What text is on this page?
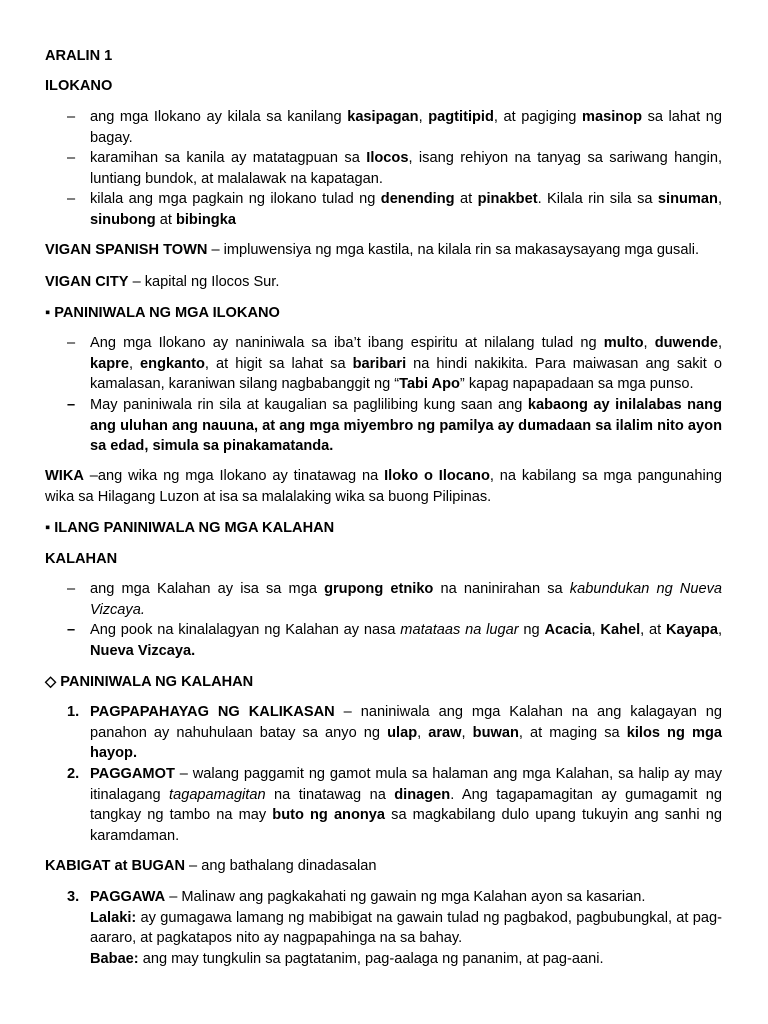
ARALIN 1

ILOKANO

–	ang mga Ilokano ay kilala sa kanilang kasipagan, pagtitipid, at pagiging masinop sa lahat ng bagay.
–	karamihan sa kanila ay matatagpuan sa Ilocos, isang rehiyon na tanyag sa sariwang hangin, luntiang bundok, at malalawak na kapatagan.
–	kilala ang mga pagkain ng ilokano tulad ng denending at pinakbet. Kilala rin sila sa sinuman, sinubong at bibingka

VIGAN SPANISH TOWN – impluwensiya ng mga kastila, na kilala rin sa makasaysayang mga gusali.

VIGAN CITY – kapital ng Ilocos Sur.

▪ PANINIWALA NG MGA ILOKANO

–	Ang mga Ilokano ay naniniwala sa iba’t ibang espiritu at nilalang tulad ng multo, duwende, kapre, engkanto, at higit sa lahat sa baribari na hindi nakikita. Para maiwasan ang sakit o kamalasan, karaniwan silang nagbabanggit ng “Tabi Apo” kapag napapadaan sa mga punso.
–	May paniniwala rin sila at kaugalian sa paglilibing kung saan ang kabaong ay inilalabas nang ang uluhan ang nauuna, at ang mga miyembro ng pamilya ay dumadaan sa ilalim nito ayon sa edad, simula sa pinakamatanda.

WIKA –ang wika ng mga Ilokano ay tinatawag na Iloko o Ilocano, na kabilang sa mga pangunahing wika sa Hilagang Luzon at isa sa malalaking wika sa buong Pilipinas.

▪ ILANG PANINIWALA NG MGA KALAHAN

KALAHAN

–	ang mga Kalahan ay isa sa mga grupong etniko na naninirahan sa kabundukan ng Nueva Vizcaya.
–	Ang pook na kinalalagyan ng Kalahan ay nasa matataas na lugar ng Acacia, Kahel, at Kayapa, Nueva Vizcaya.

◇ PANINIWALA NG KALAHAN

1. PAGPAPAHAYAG NG KALIKASAN – naniniwala ang mga Kalahan na ang kalagayan ng panahon ay nahuhulaan batay sa anyo ng ulap, araw, buwan, at maging sa kilos ng mga hayop.
2. PAGGAMOT – walang paggamit ng gamot mula sa halaman ang mga Kalahan, sa halip ay may itinalagang tagapamagitan na tinatawag na dinagen. Ang tagapamagitan ay gumagamit ng tangkay ng tambo na may buto ng anonya sa magkabilang dulo upang tukuyin ang sanhi ng karamdaman.

KABIGAT at BUGAN – ang bathalang dinadasalan

3. PAGGAWA – Malinaw ang pagkakahati ng gawain ng mga Kalahan ayon sa kasarian.

Lalaki: ay gumagawa lamang ng mabibigat na gawain tulad ng pagbakod, pagbubungkal, at pag-aararo, at pagkatapos nito ay nagpapahinga na sa bahay.

Babae: ang may tungkulin sa pagtatanim, pag-aalaga ng pananim, at pag-aani.
